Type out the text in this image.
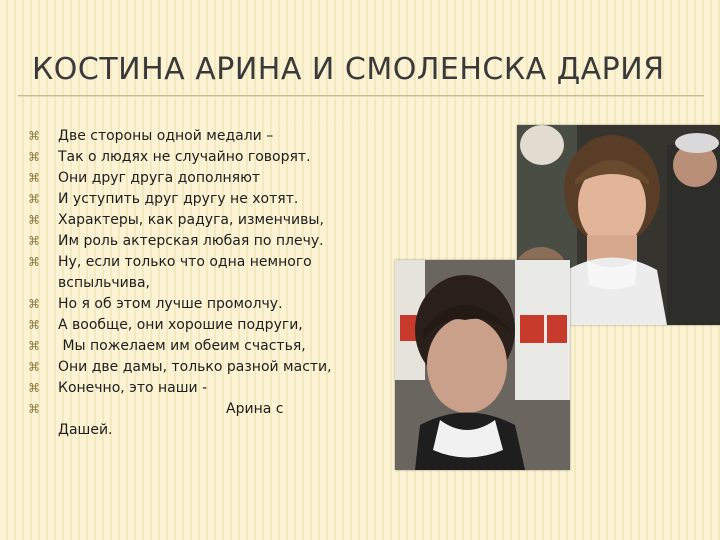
КОСТИНА АРИНА И СМОЛЕНСКА ДАРИЯ
⌘ Две стороны одной медали –
⌘ Так о людях не случайно говорят.
⌘ Они друг друга дополняют
⌘ И уступить друг другу не хотят.
⌘ Характеры, как радуга, изменчивы,
⌘ Им роль актерская любая по плечу.
⌘ Ну, если только что одна немного вспыльчива,
⌘ Но я об этом лучше промолчу.
⌘ А вообще, они хорошие подруги,
⌘ Мы пожелаем им обеим счастья,
⌘ Они две дамы, только разной масти,
⌘ Конечно, это наши -
⌘	Арина с
Дашей.
